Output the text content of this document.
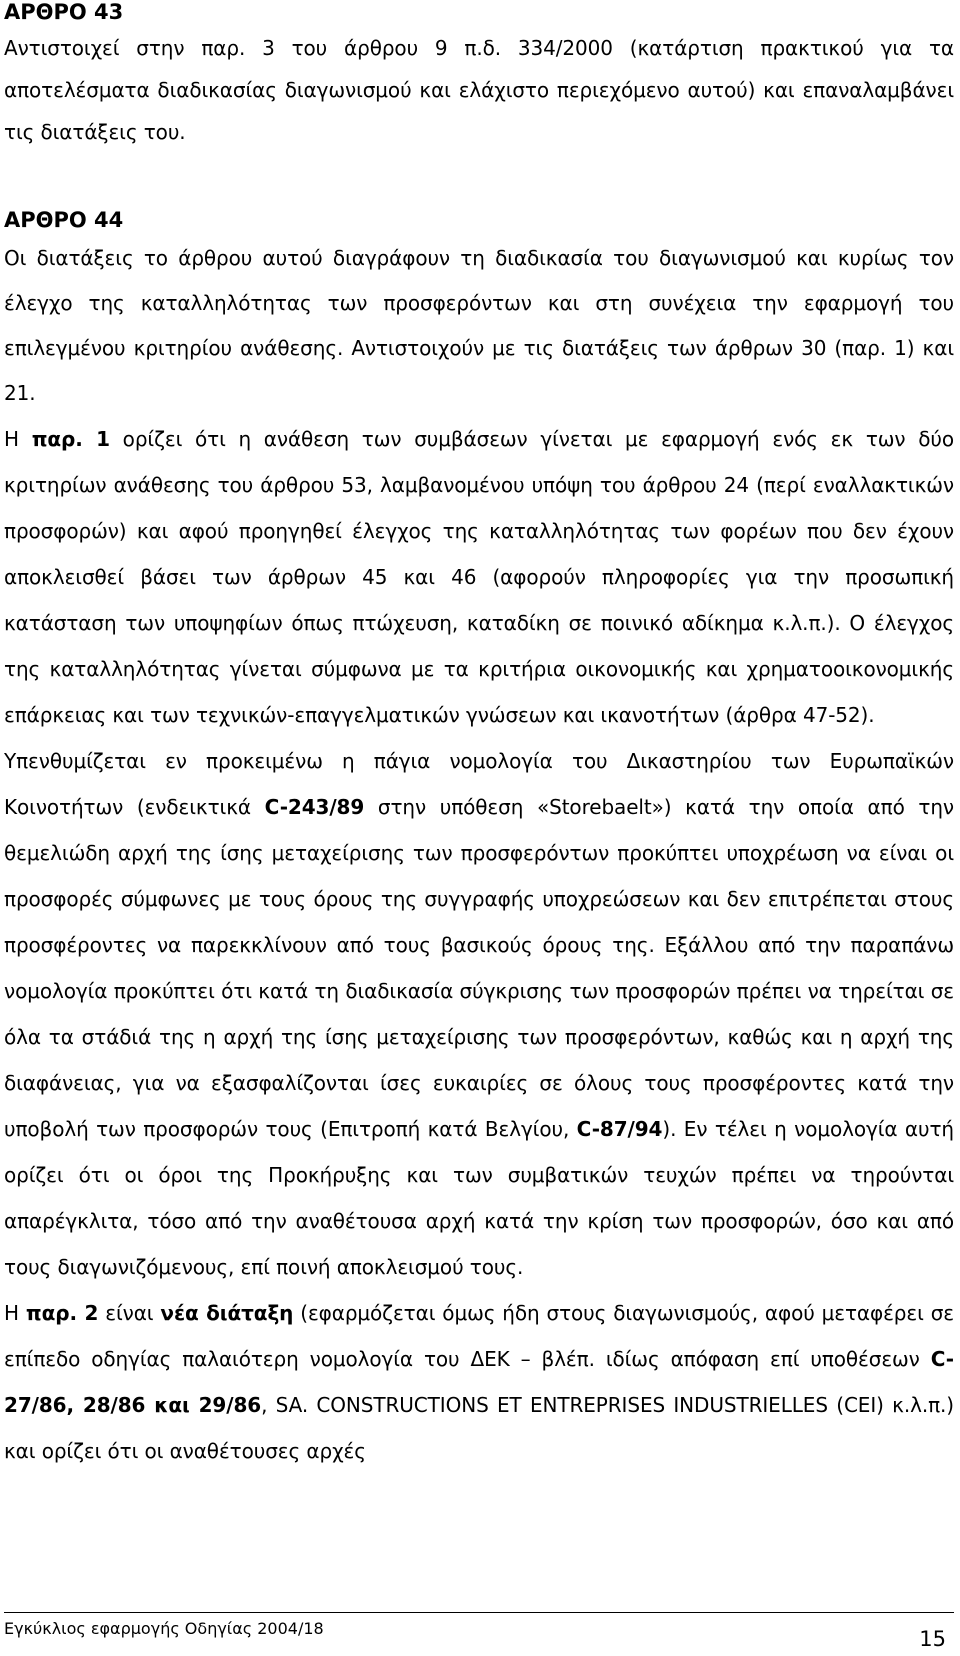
ΑΡΘΡΟ 43

Αντιστοιχεί στην παρ. 3 του άρθρου 9 π.δ. 334/2000 (κατάρτιση πρακτικού για τα αποτελέσματα διαδικασίας διαγωνισμού και ελάχιστο περιεχόμενο αυτού) και επαναλαμβάνει τις διατάξεις του.

ΑΡΘΡΟ 44

Οι διατάξεις το άρθρου αυτού διαγράφουν τη διαδικασία του διαγωνισμού και κυρίως τον έλεγχο της καταλληλότητας των προσφερόντων και στη συνέχεια την εφαρμογή του επιλεγμένου κριτηρίου ανάθεσης. Αντιστοιχούν με τις διατάξεις των άρθρων 30 (παρ. 1) και 21.

Η παρ. 1 ορίζει ότι η ανάθεση των συμβάσεων γίνεται με εφαρμογή ενός εκ των δύο κριτηρίων ανάθεσης του άρθρου 53, λαμβανομένου υπόψη του άρθρου 24 (περί εναλλακτικών προσφορών) και αφού προηγηθεί έλεγχος της καταλληλότητας των φορέων που δεν έχουν αποκλεισθεί βάσει των άρθρων 45 και 46 (αφορούν πληροφορίες για την προσωπική κατάσταση των υποψηφίων όπως πτώχευση, καταδίκη σε ποινικό αδίκημα κ.λ.π.). Ο έλεγχος της καταλληλότητας γίνεται σύμφωνα με τα κριτήρια οικονομικής και χρηματοοικονομικής επάρκειας και των τεχνικών-επαγγελματικών γνώσεων και ικανοτήτων (άρθρα 47-52).

Υπενθυμίζεται εν προκειμένω η πάγια νομολογία του Δικαστηρίου των Ευρωπαϊκών Κοινοτήτων (ενδεικτικά C-243/89 στην υπόθεση «Storebaelt») κατά την οποία από την θεμελιώδη αρχή της ίσης μεταχείρισης των προσφερόντων προκύπτει υποχρέωση να είναι οι προσφορές σύμφωνες με τους όρους της συγγραφής υποχρεώσεων και δεν επιτρέπεται στους προσφέροντες να παρεκκλίνουν από τους βασικούς όρους της. Εξάλλου από την παραπάνω νομολογία προκύπτει ότι κατά τη διαδικασία σύγκρισης των προσφορών πρέπει να τηρείται σε όλα τα στάδιά της η αρχή της ίσης μεταχείρισης των προσφερόντων, καθώς και η αρχή της διαφάνειας, για να εξασφαλίζονται ίσες ευκαιρίες σε όλους τους προσφέροντες κατά την υποβολή των προσφορών τους (Επιτροπή κατά Βελγίου, C-87/94). Εν τέλει η νομολογία αυτή ορίζει ότι οι όροι της Προκήρυξης και των συμβατικών τευχών πρέπει να τηρούνται απαρέγκλιτα, τόσο από την αναθέτουσα αρχή κατά την κρίση των προσφορών, όσο και από τους διαγωνιζόμενους, επί ποινή αποκλεισμού τους.

Η παρ. 2 είναι νέα διάταξη (εφαρμόζεται όμως ήδη στους διαγωνισμούς, αφού μεταφέρει σε επίπεδο οδηγίας παλαιότερη νομολογία του ΔΕΚ – βλέπ. ιδίως απόφαση επί υποθέσεων C- 27/86, 28/86 και 29/86, SA. CONSTRUCTIONS ET ENTREPRISES INDUSTRIELLES (CEI) κ.λ.π.) και ορίζει ότι οι αναθέτουσες αρχές

Εγκύκλιος εφαρμογής Οδηγίας 2004/18	15
